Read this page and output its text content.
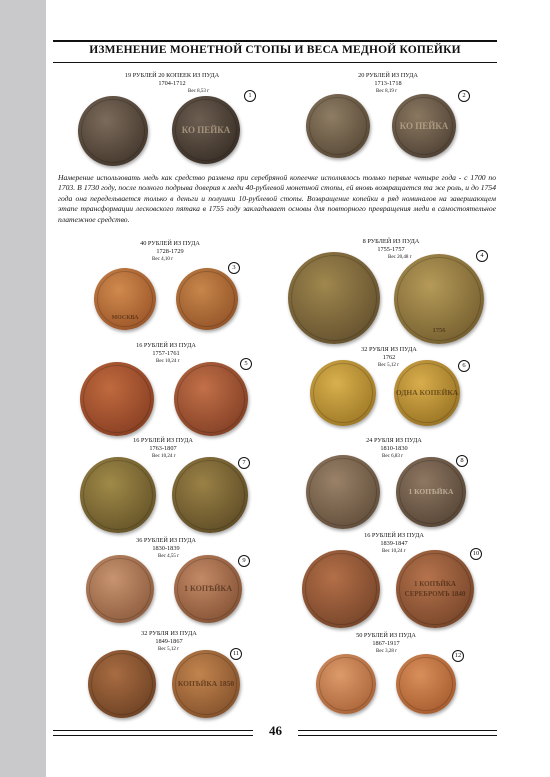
ИЗМЕНЕНИЕ МОНЕТНОЙ СТОПЫ И ВЕСА МЕДНОЙ КОПЕЙКИ
19 РУБЛЕЙ 20 КОПЕЕК ИЗ ПУДА
1704-1712
Вес 8,53 г
КО ПЕЙКА
1
20 РУБЛЕЙ ИЗ ПУДА
1713-1718
Вес 8,19 г
КО ПЕЙКА
2
Намерение использовать медь как средство размена при серебряной копеечке исполнялось только первые четыре года - с 1700 по 1703. В 1730 году, после полного подрыва доверия к меди 40-рублевой монетной стопы, ей вновь возвращается та же роль, и до 1754 года она передельвается только в деньги и полушки 10-рублевой стопы. Возвращение копейки в ряд номиналов на завершающем этапе трансформации лесковского пятака в 1755 году закладывает основы для повторного превращения меди в самостоятельное платежное средство.
40 РУБЛЕЙ ИЗ ПУДА
1728-1729
Вес 4,10 г
МОСКВА
3
8 РУБЛЕЙ ИЗ ПУДА
1755-1757
Вес 20,48 г
1756
4
16 РУБЛЕЙ ИЗ ПУДА
1757-1761
Вес 10,24 г	5
32 РУБЛЯ ИЗ ПУДА
1762
Вес 5,12 г
ОДНА КОПЕЙКА
6
16 РУБЛЕЙ ИЗ ПУДА
1763-1807
Вес 10,24 г
7
24 РУБЛЯ ИЗ ПУДА
1810-1830
Вес 6,83 г
1 КОПѢЙКА
8
36 РУБЛЕЙ ИЗ ПУДА
1830-1839
Вес 4,55 г
1 КОПѢЙКА
9
16 РУБЛЕЙ ИЗ ПУДА
1839-1847
Вес 10,24 г
1 КОПѢЙКА СЕРЕБРОМЪ 1840
10
32 РУБЛЯ ИЗ ПУДА
1849-1867
Вес 5,12 г
КОПѢЙКА 1850
11
50 РУБЛЕЙ ИЗ ПУДА
1867-1917
Вес 3,28 г
12
46
